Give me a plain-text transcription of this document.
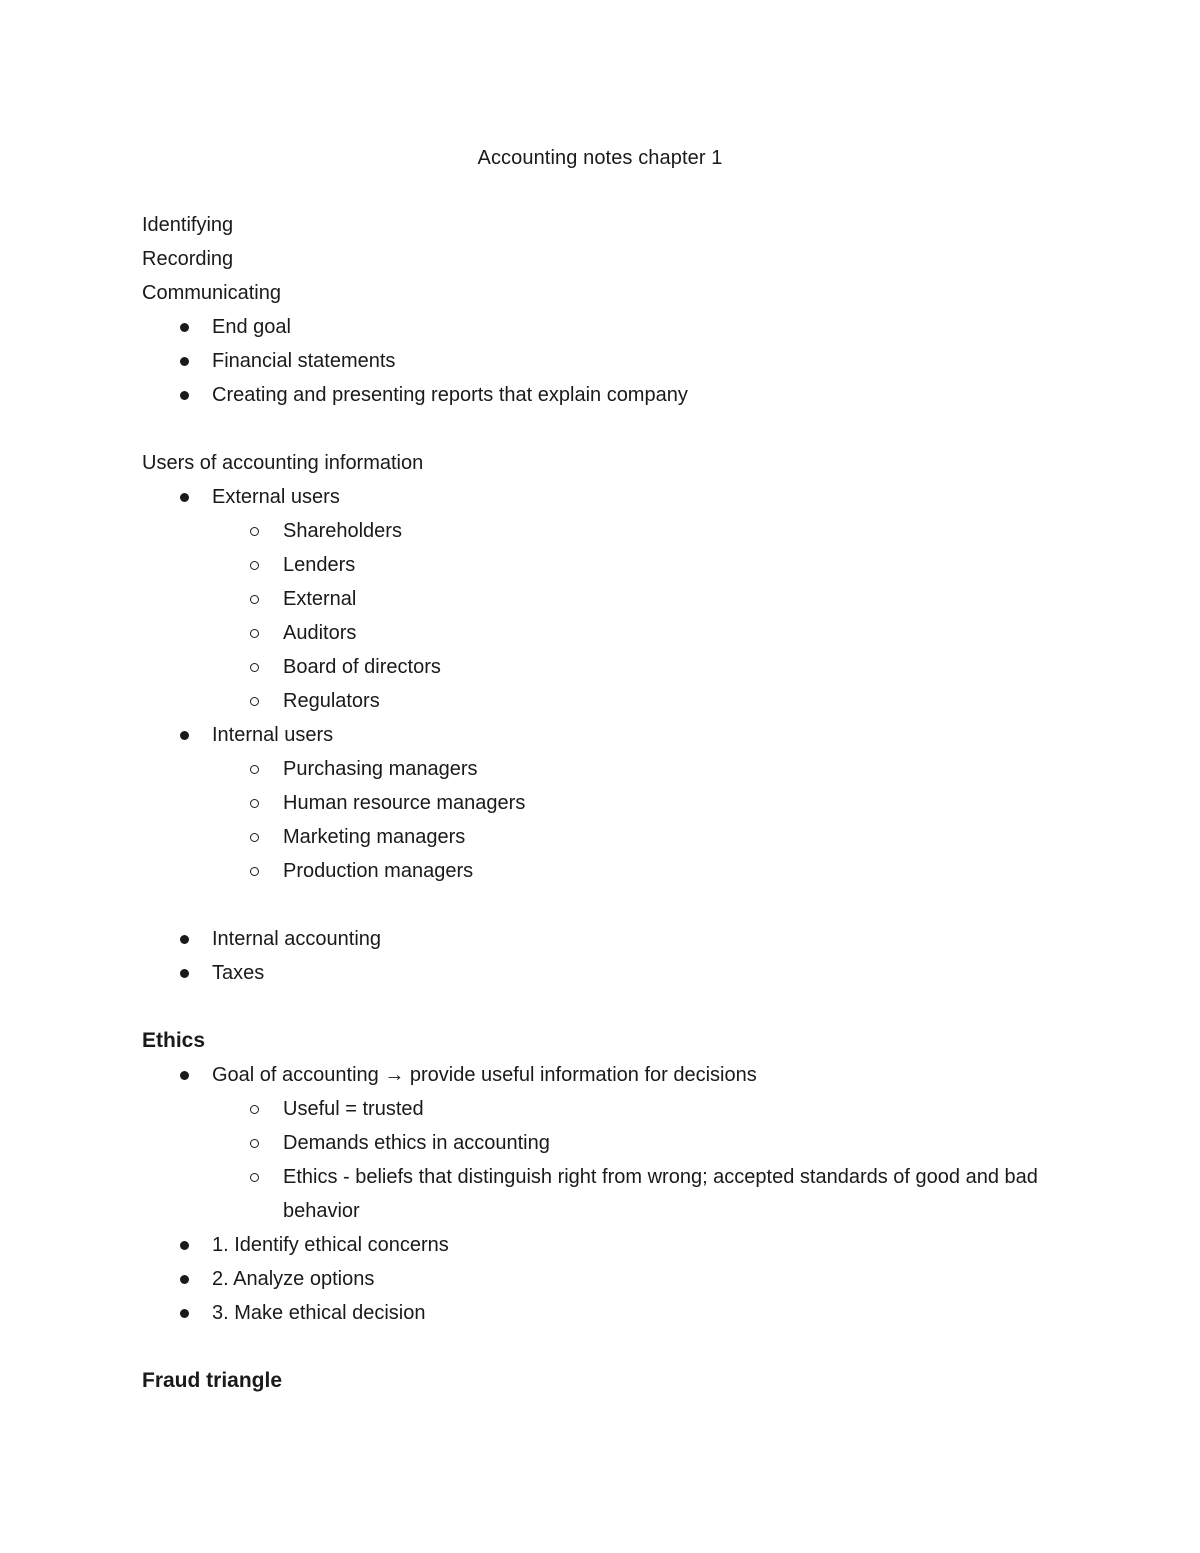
Accounting notes chapter 1
Identifying
Recording
Communicating
End goal
Financial statements
Creating and presenting reports that explain company
Users of accounting information
External users
Shareholders
Lenders
External
Auditors
Board of directors
Regulators
Internal users
Purchasing managers
Human resource managers
Marketing managers
Production managers
Internal accounting
Taxes
Ethics
Goal of accounting → provide useful information for decisions
Useful = trusted
Demands ethics in accounting
Ethics - beliefs that distinguish right from wrong; accepted standards of good and bad behavior
1. Identify ethical concerns
2. Analyze options
3. Make ethical decision
Fraud triangle
